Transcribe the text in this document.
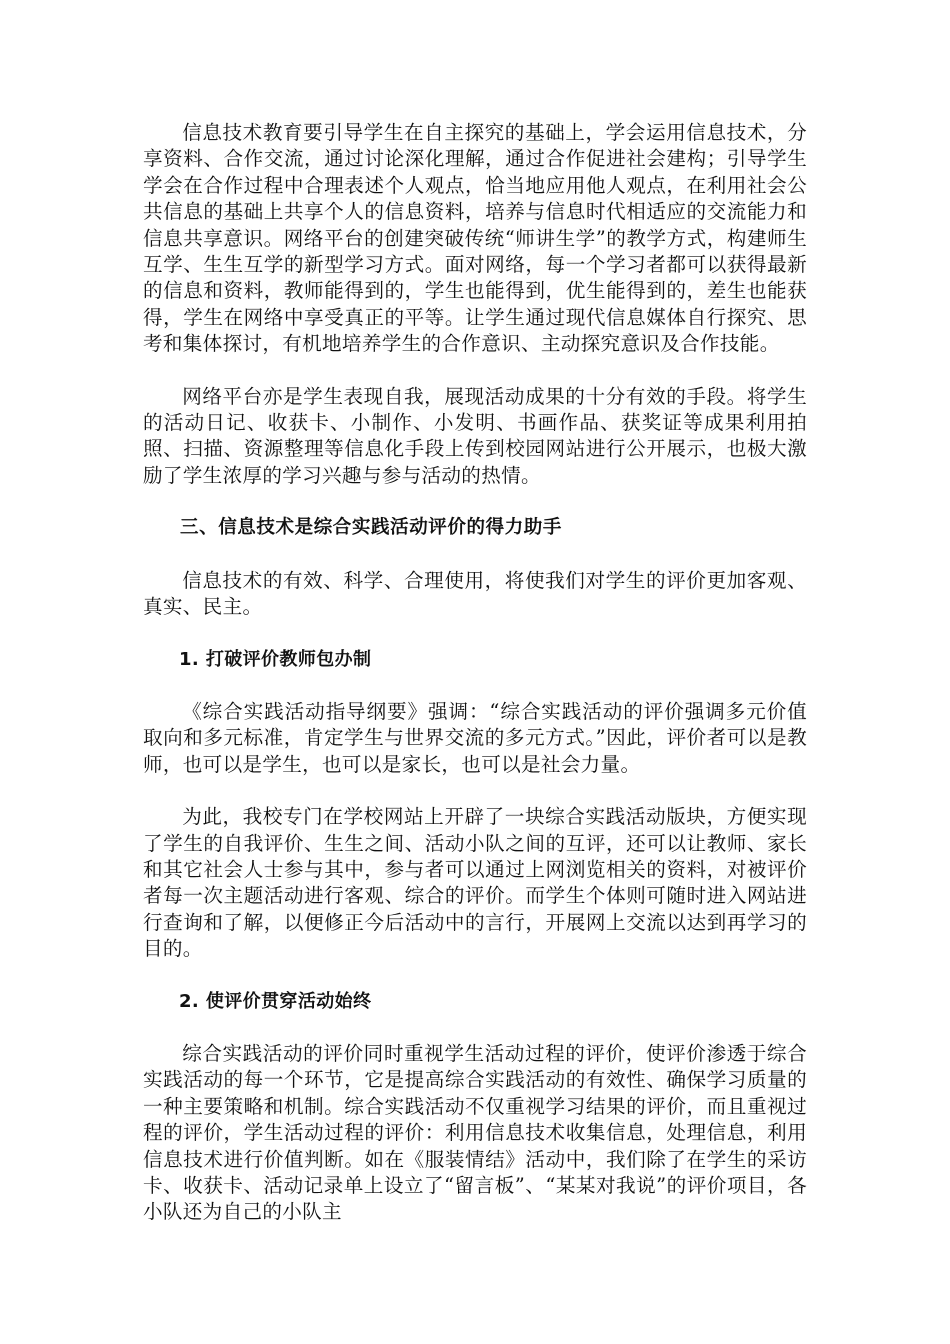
信息技术教育要引导学生在自主探究的基础上，学会运用信息技术，分享资料、合作交流，通过讨论深化理解，通过合作促进社会建构；引导学生学会在合作过程中合理表述个人观点，恰当地应用他人观点，在利用社会公共信息的基础上共享个人的信息资料，培养与信息时代相适应的交流能力和信息共享意识。网络平台的创建突破传统“师讲生学”的教学方式，构建师生互学、生生互学的新型学习方式。面对网络，每一个学习者都可以获得最新的信息和资料，教师能得到的，学生也能得到，优生能得到的，差生也能获得，学生在网络中享受真正的平等。让学生通过现代信息媒体自行探究、思考和集体探讨，有机地培养学生的合作意识、主动探究意识及合作技能。

网络平台亦是学生表现自我，展现活动成果的十分有效的手段。将学生的活动日记、收获卡、小制作、小发明、书画作品、获奖证等成果利用拍照、扫描、资源整理等信息化手段上传到校园网站进行公开展示，也极大激励了学生浓厚的学习兴趣与参与活动的热情。

三、信息技术是综合实践活动评价的得力助手

信息技术的有效、科学、合理使用，将使我们对学生的评价更加客观、真实、民主。

1. 打破评价教师包办制

《综合实践活动指导纲要》强调：“综合实践活动的评价强调多元价值取向和多元标准，肯定学生与世界交流的多元方式。”因此，评价者可以是教师，也可以是学生，也可以是家长，也可以是社会力量。

为此，我校专门在学校网站上开辟了一块综合实践活动版块，方便实现了学生的自我评价、生生之间、活动小队之间的互评，还可以让教师、家长和其它社会人士参与其中，参与者可以通过上网浏览相关的资料，对被评价者每一次主题活动进行客观、综合的评价。而学生个体则可随时进入网站进行查询和了解，以便修正今后活动中的言行，开展网上交流以达到再学习的目的。

2. 使评价贯穿活动始终

综合实践活动的评价同时重视学生活动过程的评价，使评价渗透于综合实践活动的每一个环节，它是提高综合实践活动的有效性、确保学习质量的一种主要策略和机制。综合实践活动不仅重视学习结果的评价，而且重视过程的评价，学生活动过程的评价：利用信息技术收集信息，处理信息，利用信息技术进行价值判断。如在《服装情结》活动中，我们除了在学生的采访卡、收获卡、活动记录单上设立了“留言板”、“某某对我说”的评价项目，各小队还为自己的小队主
